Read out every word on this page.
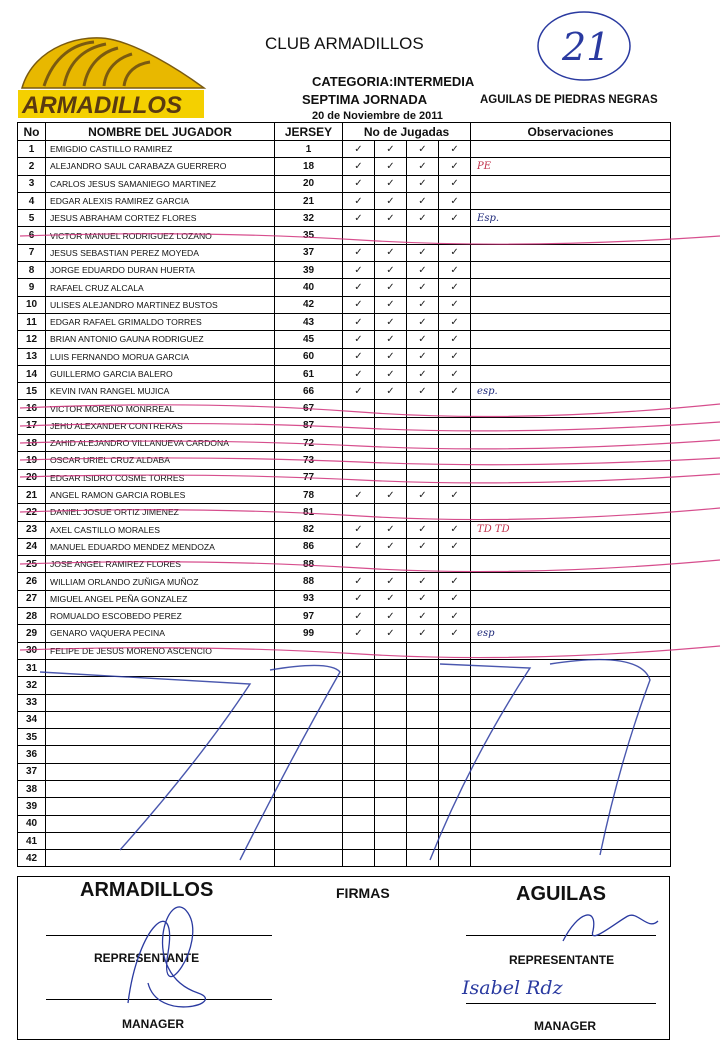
ARMADILLOS
CLUB ARMADILLOS
CATEGORIA:INTERMEDIA
SEPTIMA JORNADA	AGUILAS DE PIEDRAS NEGRAS
20 de Noviembre de 2011
21
No	NOMBRE DEL JUGADOR	JERSEY	No de Jugadas				Observaciones
1	EMIGDIO CASTILLO RAMIREZ	1	✓	✓	✓	✓	
2	ALEJANDRO SAUL CARABAZA GUERRERO	18	✓	✓	✓	✓	PE
3	CARLOS JESUS SAMANIEGO MARTINEZ	20	✓	✓	✓	✓	
4	EDGAR ALEXIS RAMIREZ GARCIA	21	✓	✓	✓	✓	
5	JESUS ABRAHAM CORTEZ FLORES	32	✓	✓	✓	✓	Esp.
6	VICTOR MANUEL RODRIGUEZ LOZANO	35					
7	JESUS SEBASTIAN PEREZ MOYEDA	37	✓	✓	✓	✓	
8	JORGE EDUARDO DURAN HUERTA	39	✓	✓	✓	✓	
9	RAFAEL CRUZ ALCALA	40	✓	✓	✓	✓	
10	ULISES ALEJANDRO MARTINEZ BUSTOS	42	✓	✓	✓	✓	
11	EDGAR RAFAEL GRIMALDO TORRES	43	✓	✓	✓	✓	
12	BRIAN ANTONIO GAUNA RODRIGUEZ	45	✓	✓	✓	✓	
13	LUIS FERNANDO MORUA GARCIA	60	✓	✓	✓	✓	
14	GUILLERMO GARCIA BALERO	61	✓	✓	✓	✓	
15	KEVIN IVAN RANGEL MUJICA	66	✓	✓	✓	✓	esp.
16	VICTOR MORENO MONRREAL	67					
17	JEHU ALEXANDER CONTRERAS	87					
18	ZAHID ALEJANDRO VILLANUEVA CARDONA	72					
19	OSCAR URIEL CRUZ ALDABA	73					
20	EDGAR ISIDRO COSME TORRES	77					
21	ANGEL RAMON GARCIA ROBLES	78	✓	✓	✓	✓	
22	DANIEL JOSUE ORTIZ JIMENEZ	81					
23	AXEL CASTILLO MORALES	82	✓	✓	✓	✓	TD TD
24	MANUEL EDUARDO MENDEZ MENDOZA	86	✓	✓	✓	✓	
25	JOSE ANGEL RAMIREZ FLORES	88					
26	WILLIAM ORLANDO ZUÑIGA MUÑOZ	88	✓	✓	✓	✓	
27	MIGUEL ANGEL PEÑA GONZALEZ	93	✓	✓	✓	✓	
28	ROMUALDO ESCOBEDO PEREZ	97	✓	✓	✓	✓	
29	GENARO VAQUERA PECINA	99	✓	✓	✓	✓	esp
30	FELIPE DE JESUS MORENO ASCENCIO						
31							
32							
33							
34							
35							
36							
37							
38							
39							
40							
41							
42							
ARMADILLOS	FIRMAS	AGUILAS
REPRESENTANTE	REPRESENTANTE
MANAGER	MANAGER
Isabel Rdz
